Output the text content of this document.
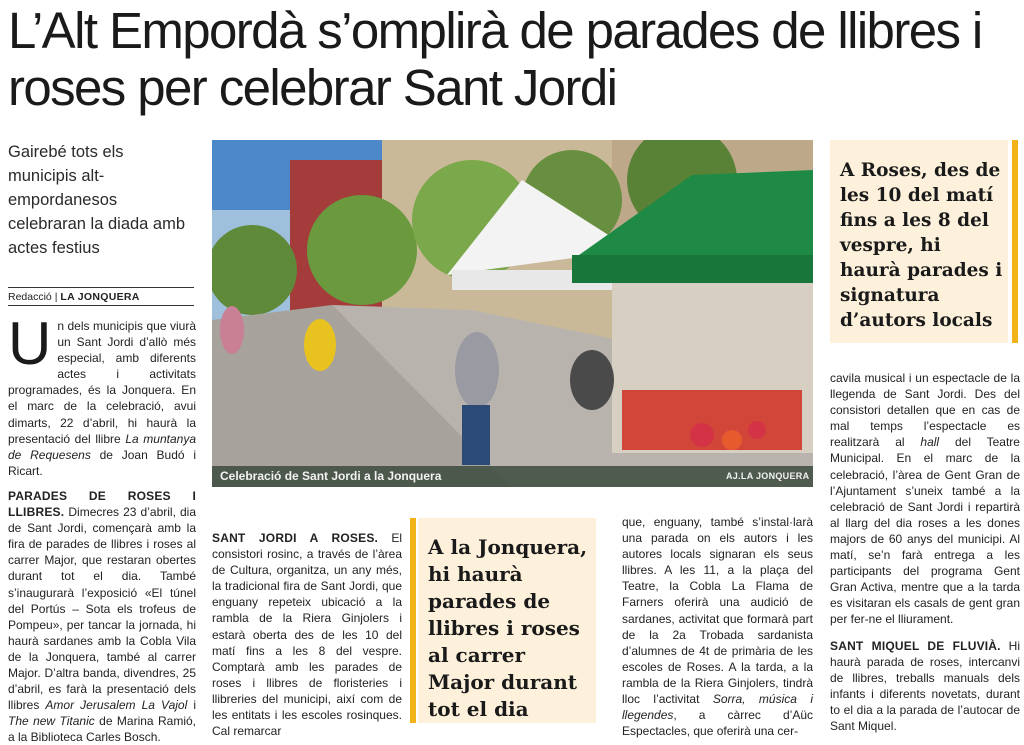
L’Alt Empordà s’omplirà de parades de llibres i roses per celebrar Sant Jordi
Gairebé tots els municipis alt-empordanesos celebraran la diada amb actes festius
Redacció | LA JONQUERA

Un dels municipis que viurà un Sant Jordi d’allò més especial, amb diferents actes i activitats programades, és la Jonquera. En el marc de la celebració, avui dimarts, 22 d’abril, hi haurà la presentació del llibre La muntanya de Requesens de Joan Budó i Ricart.

PARADES DE ROSES I LLIBRES. Dimecres 23 d’abril, dia de Sant Jordi, començarà amb la fira de parades de llibres i roses al carrer Major, que restaran obertes durant tot el dia. També s’inaugurarà l’exposició «El túnel del Portús – Sota els trofeus de Pompeu», per tancar la jornada, hi haurà sardanes amb la Cobla Vila de la Jonquera, també al carrer Major. D’altra banda, divendres, 25 d’abril, es farà la presentació dels llibres Amor Jerusalem La Vajol i The new Titanic de Marina Ramió, a la Biblioteca Carles Bosch.

Celebració de Sant Jordi a la Jonquera	AJ.LA JONQUERA
A Roses, des de les 10 del matí fins a les 8 del vespre, hi haurà parades i signatura d’autors locals

SANT JORDI A ROSES. El consistori rosinc, a través de l’àrea de Cultura, organitza, un any més, la tradicional fira de Sant Jordi, que enguany repeteix ubicació a la rambla de la Riera Ginjolers i estarà oberta des de les 10 del matí fins a les 8 del vespre. Comptarà amb les parades de roses i llibres de floristeries i llibreries del municipi, així com de les entitats i les escoles rosinques. Cal remarcar

A la Jonquera, hi haurà parades de llibres i roses al carrer Major durant tot el dia

que, enguany, també s’instal·larà una parada on els autors i les autores locals signaran els seus llibres. A les 11, a la plaça del Teatre, la Cobla La Flama de Farners oferirà una audició de sardanes, activitat que formarà part de la 2a Trobada sardanista d’alumnes de 4t de primària de les escoles de Roses. A la tarda, a la rambla de la Riera Ginjolers, tindrà lloc l’activitat Sorra, música i llegendes, a càrrec d’Aüc Espectacles, que oferirà una cer-

cavila musical i un espectacle de la llegenda de Sant Jordi. Des del consistori detallen que en cas de mal temps l’espectacle es realitzarà al hall del Teatre Municipal. En el marc de la celebració, l’àrea de Gent Gran de l’Ajuntament s’uneix també a la celebració de Sant Jordi i repartirà al llarg del dia roses a les dones majors de 60 anys del municipi. Al matí, se’n farà entrega a les participants del programa Gent Gran Activa, mentre que a la tarda es visitaran els casals de gent gran per fer-ne el lliurament.

SANT MIQUEL DE FLUVIÀ. Hi haurà parada de roses, intercanvi de llibres, treballs manuals dels infants i diferents novetats, durant to el dia a la parada de l’autocar de Sant Miquel.
